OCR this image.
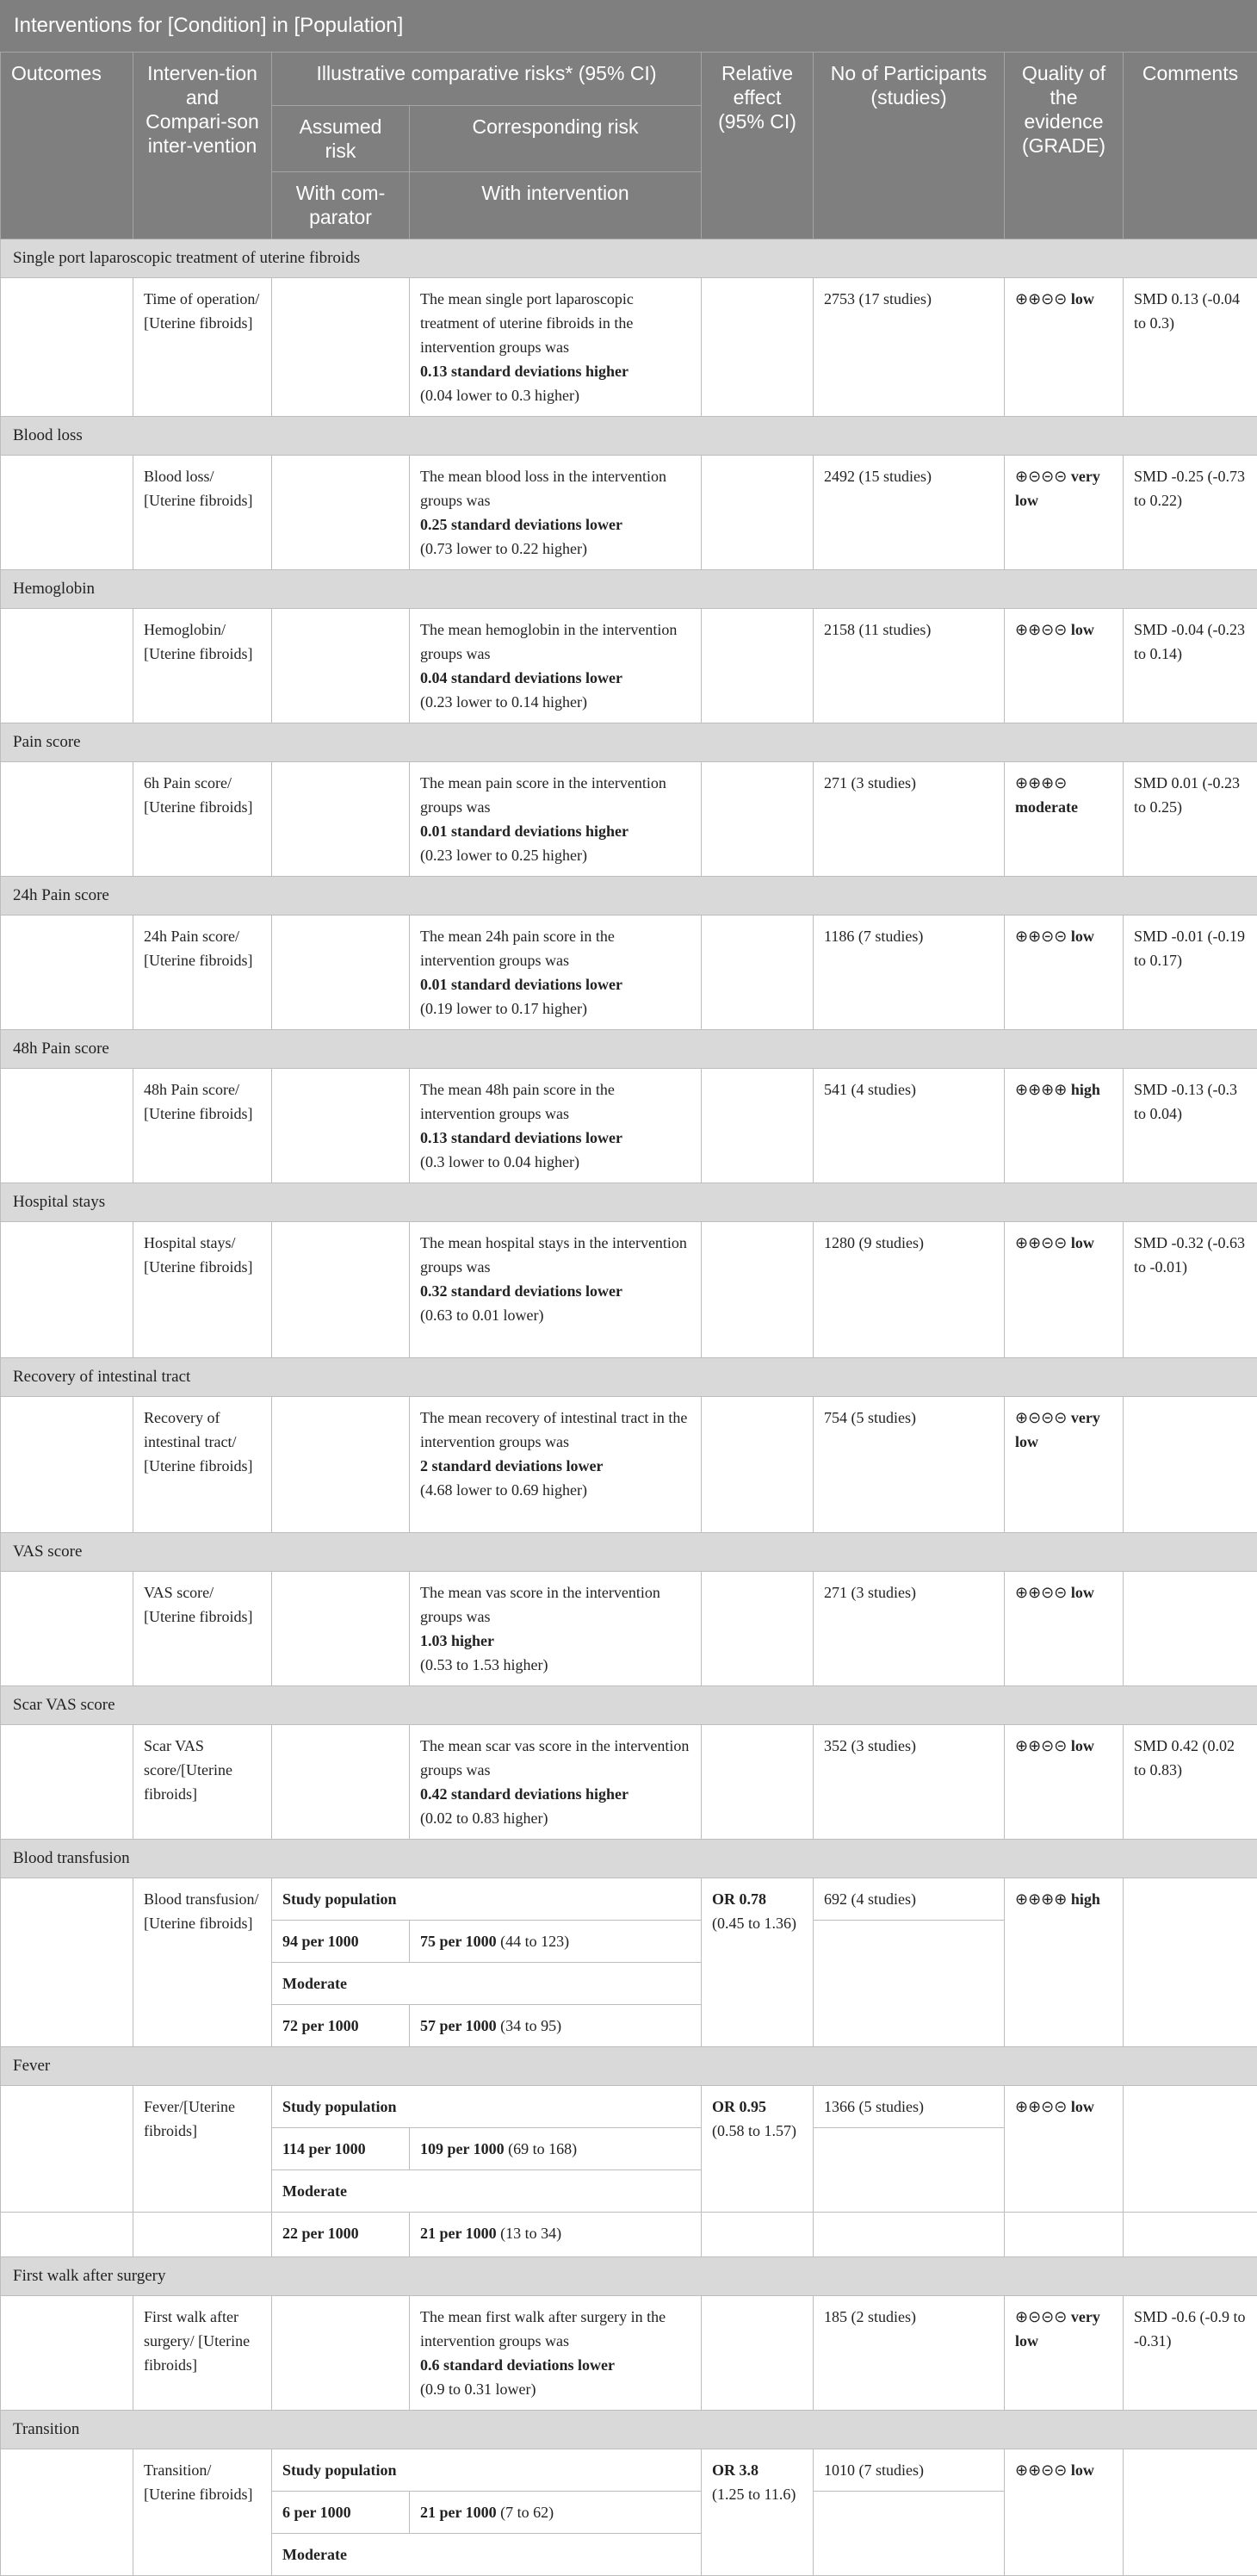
Interventions for [Condition] in [Population]
Outcomes	Interven-tion and Compari-son inter-vention	Illustrative comparative risks* (95% CI)		Relative effect (95% CI)	No of Participants (studies)	Quality of the evidence (GRADE)	Comments
		Assumed risk	Corresponding risk				
		With com-parator	With intervention				
Single port laparoscopic treatment of uterine fibroids							
	Time of operation/ [Uterine fibroids]		The mean single port laparoscopic treatment of uterine fibroids in the intervention groups was
0.13 standard deviations higher
(0.04 lower to 0.3 higher)		2753 (17 studies)	⊕⊕⊝⊝ low	SMD 0.13 (-0.04 to 0.3)
Blood loss							
	Blood loss/ [Uterine fibroids]		The mean blood loss in the intervention groups was
0.25 standard deviations lower
(0.73 lower to 0.22 higher)		2492 (15 studies)	⊕⊝⊝⊝ very low	SMD -0.25 (-0.73 to 0.22)
Hemoglobin							
	Hemoglobin/ [Uterine fibroids]		The mean hemoglobin in the intervention groups was
0.04 standard deviations lower
(0.23 lower to 0.14 higher)		2158 (11 studies)	⊕⊕⊝⊝ low	SMD -0.04 (-0.23 to 0.14)
Pain score							
	6h Pain score/ [Uterine fibroids]		The mean pain score in the intervention groups was
0.01 standard deviations higher
(0.23 lower to 0.25 higher)		271 (3 studies)	⊕⊕⊕⊝ moderate	SMD 0.01 (-0.23 to 0.25)
24h Pain score							
	24h Pain score/ [Uterine fibroids]		The mean 24h pain score in the intervention groups was
0.01 standard deviations lower
(0.19 lower to 0.17 higher)		1186 (7 studies)	⊕⊕⊝⊝ low	SMD -0.01 (-0.19 to 0.17)
48h Pain score							
	48h Pain score/ [Uterine fibroids]		The mean 48h pain score in the intervention groups was
0.13 standard deviations lower
(0.3 lower to 0.04 higher)		541 (4 studies)	⊕⊕⊕⊕ high	SMD -0.13 (-0.3 to 0.04)
Hospital stays							
	Hospital stays/ [Uterine fibroids]		The mean hospital stays in the intervention groups was
0.32 standard deviations lower
(0.63 to 0.01 lower)		1280 (9 studies)	⊕⊕⊝⊝ low	SMD -0.32 (-0.63 to -0.01)
Recovery of intestinal tract							
	Recovery of intestinal tract/ [Uterine fibroids]		The mean recovery of intestinal tract in the intervention groups was
2 standard deviations lower
(4.68 lower to 0.69 higher)		754 (5 studies)	⊕⊝⊝⊝ very low	
VAS score							
	VAS score/ [Uterine fibroids]		The mean vas score in the intervention groups was
1.03 higher
(0.53 to 1.53 higher)		271 (3 studies)	⊕⊕⊝⊝ low	
Scar VAS score							
	Scar VAS score/[Uterine fibroids]		The mean scar vas score in the intervention groups was
0.42 standard deviations higher
(0.02 to 0.83 higher)		352 (3 studies)	⊕⊕⊝⊝ low	SMD 0.42 (0.02 to 0.83)
Blood transfusion							
	Blood transfusion/ [Uterine fibroids]	Study population		OR 0.78
(0.45 to 1.36)	692 (4 studies)	⊕⊕⊕⊕ high	
		94 per 1000	75 per 1000 (44 to 123)				
		Moderate					
		72 per 1000	57 per 1000 (34 to 95)				
Fever							
	Fever/[Uterine fibroids]	Study population		OR 0.95
(0.58 to 1.57)	1366 (5 studies)	⊕⊕⊝⊝ low	
		114 per 1000	109 per 1000 (69 to 168)				
		Moderate					
		22 per 1000	21 per 1000 (13 to 34)				
First walk after surgery							
	First walk after surgery/ [Uterine fibroids]		The mean first walk after surgery in the intervention groups was
0.6 standard deviations lower
(0.9 to 0.31 lower)		185 (2 studies)	⊕⊝⊝⊝ very low	SMD -0.6 (-0.9 to -0.31)
Transition							
	Transition/ [Uterine fibroids]	Study population		OR 3.8
(1.25 to 11.6)	1010 (7 studies)	⊕⊕⊝⊝ low	
		6 per 1000	21 per 1000 (7 to 62)				
		Moderate					
